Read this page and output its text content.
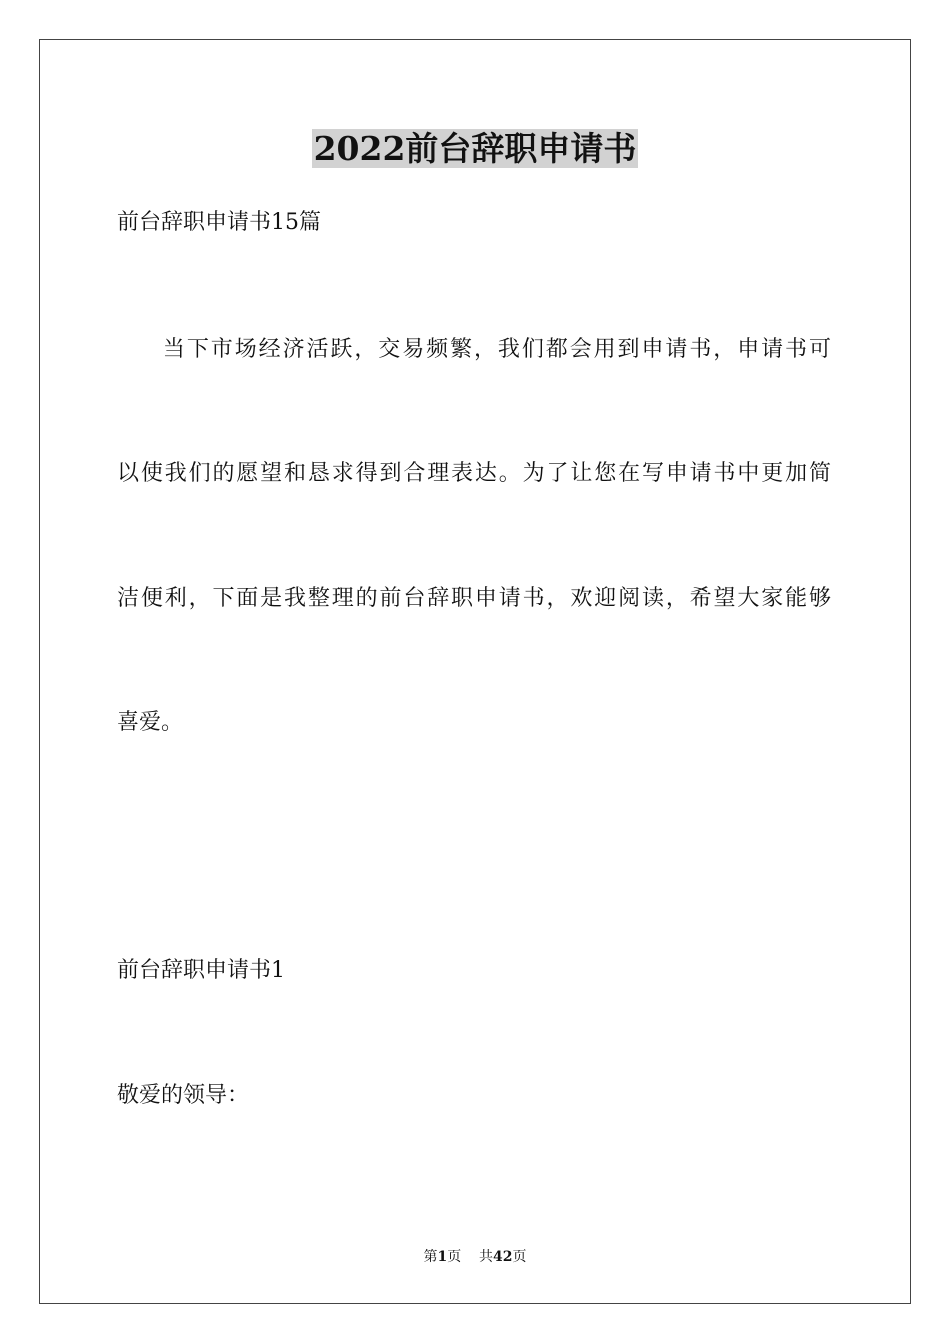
2022前台辞职申请书

前台辞职申请书15篇

当下市场经济活跃，交易频繁，我们都会用到申请书，申请书可

以使我们的愿望和恳求得到合理表达。为了让您在写申请书中更加简

洁便利，下面是我整理的前台辞职申请书，欢迎阅读，希望大家能够

喜爱。

前台辞职申请书1

敬爱的领导：

第1页 共42页
